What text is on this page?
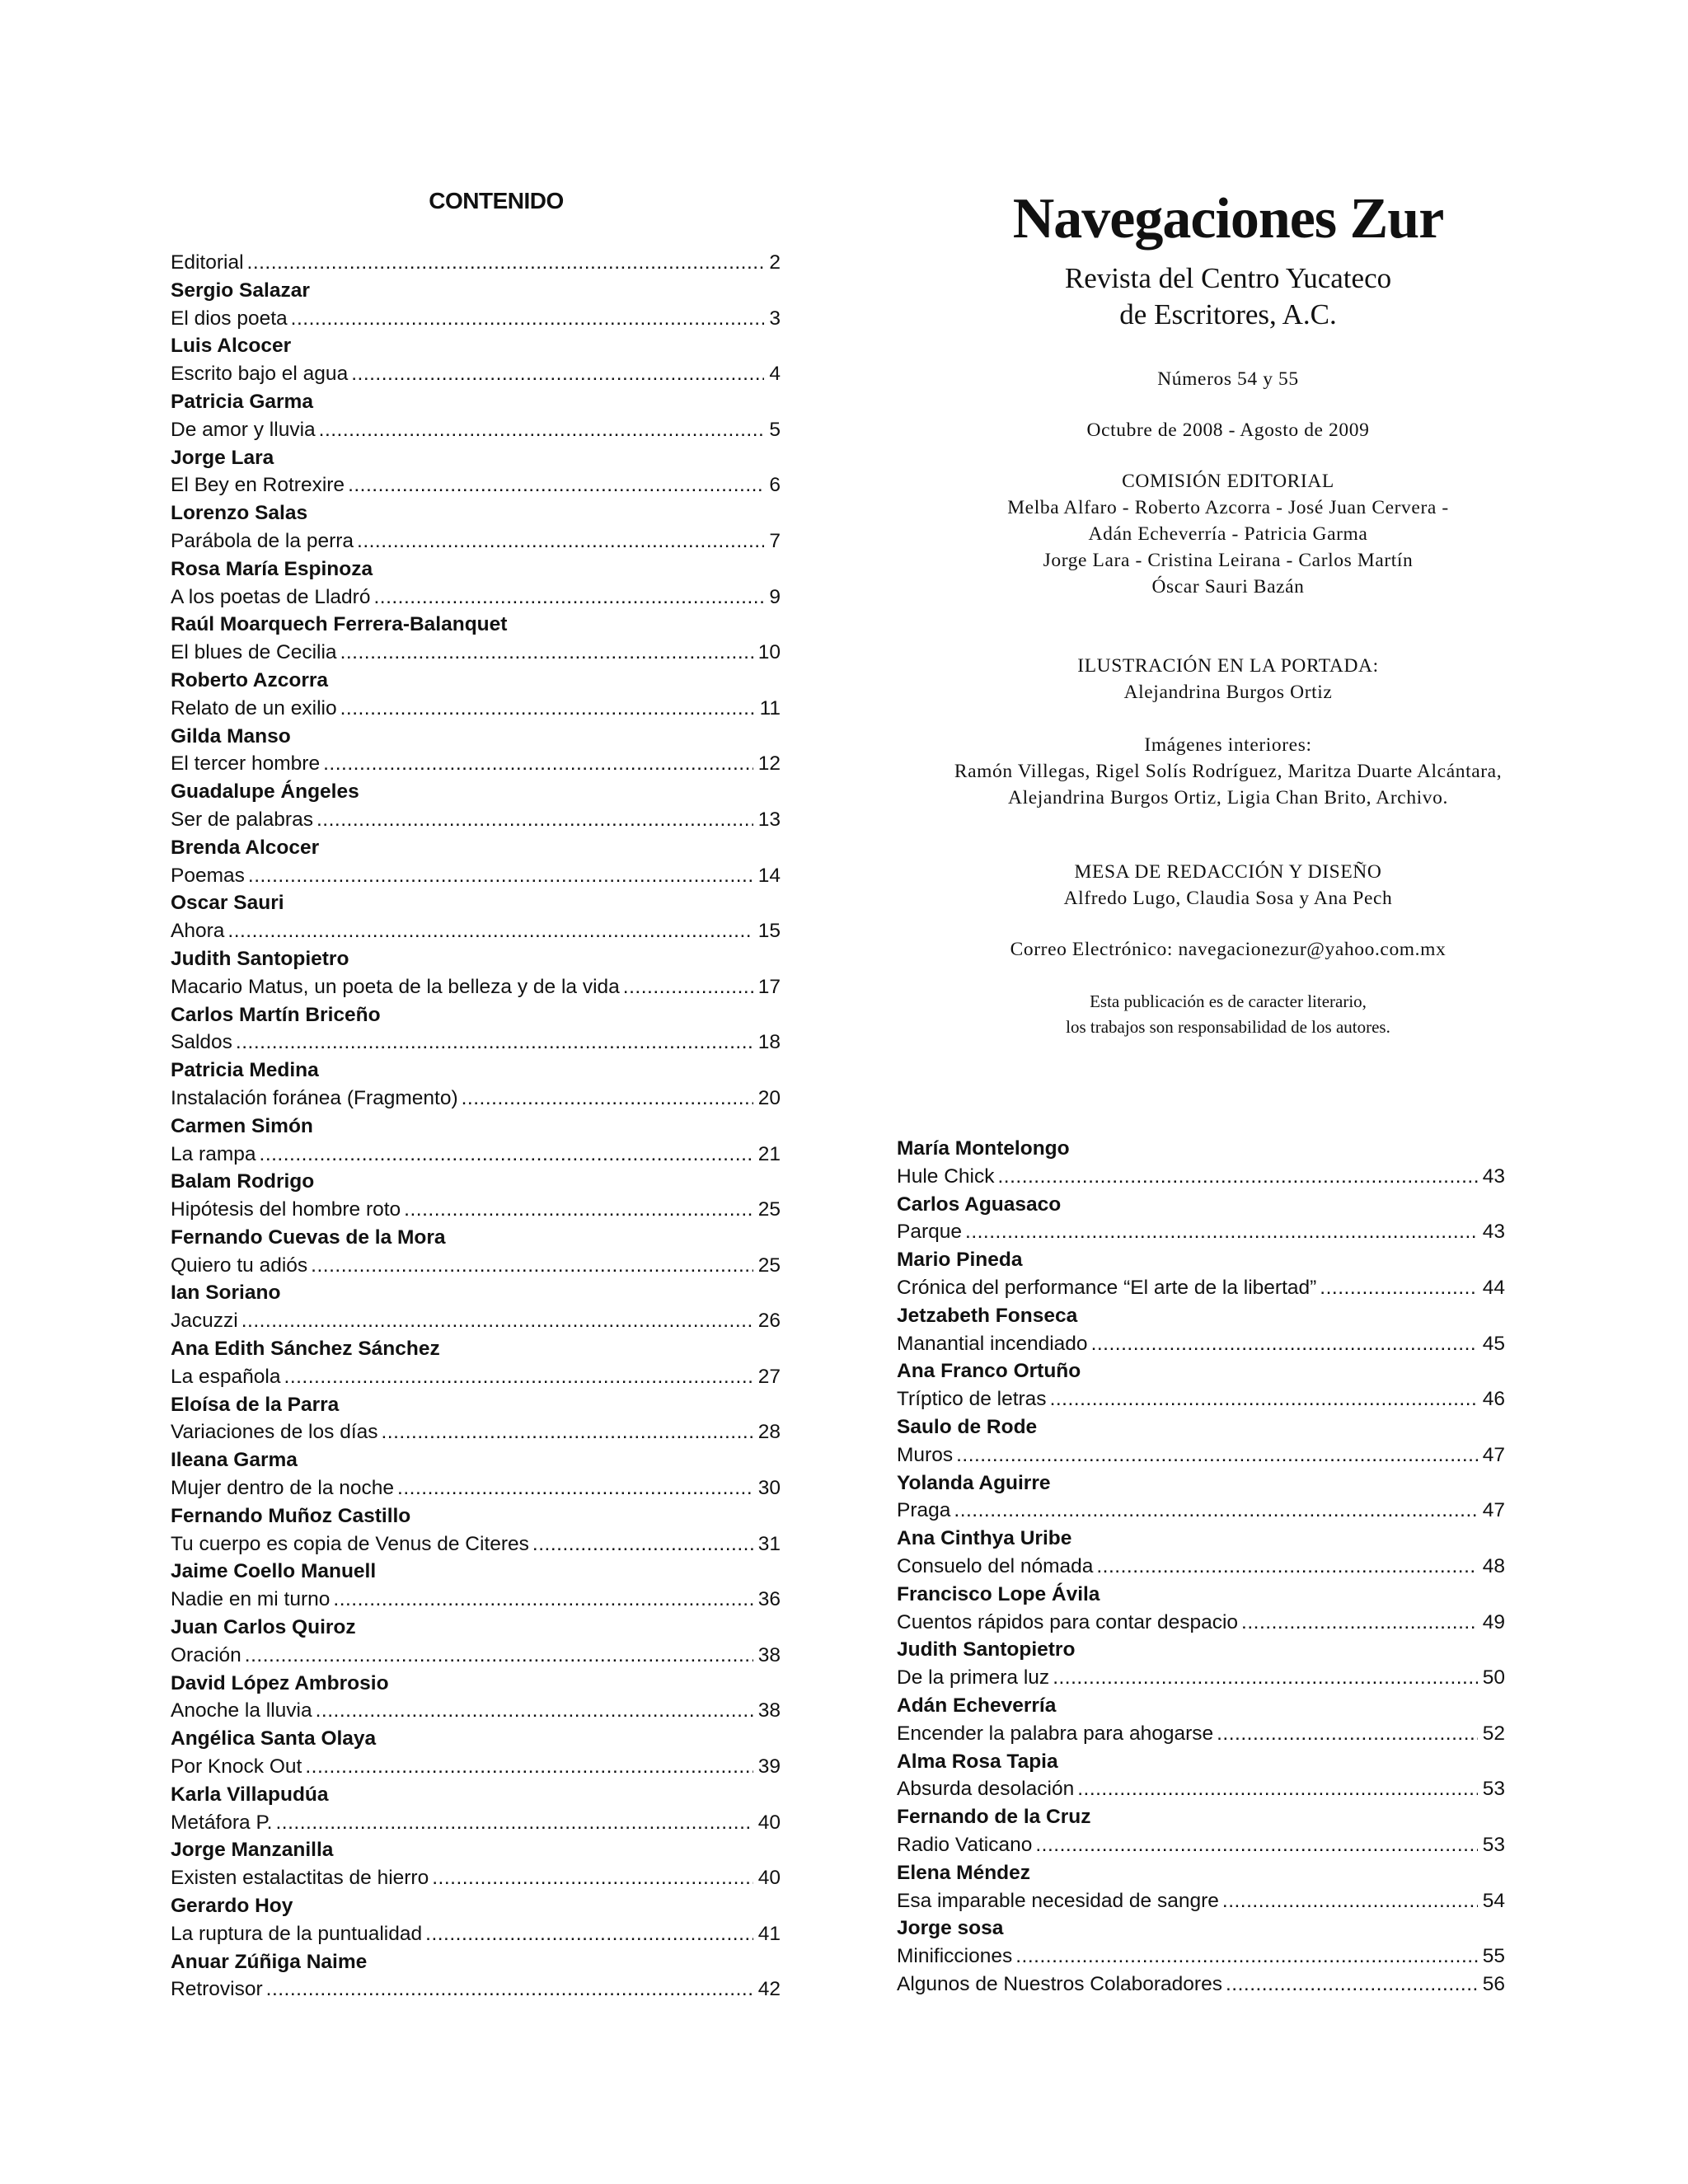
CONTENIDO
Editorial .....	2
Sergio Salazar
El dios poeta .....	3
Luis Alcocer
Escrito bajo el agua .....	4
Patricia Garma
De amor y lluvia .....	5
Jorge Lara
El Bey en Rotrexire .....	6
Lorenzo Salas
Parábola de la perra .....	7
Rosa María Espinoza
A los poetas de Lladró .....	9
Raúl Moarquech Ferrera-Balanquet
El blues de Cecilia .....	10
Roberto Azcorra
Relato de un exilio .....	11
Gilda Manso
El tercer hombre .....	12
Guadalupe Ángeles
Ser de palabras .....	13
Brenda Alcocer
Poemas .....	14
Oscar Sauri
Ahora .....	15
Judith Santopietro
Macario Matus, un poeta de la belleza y de la vida .....	17
Carlos Martín Briceño
Saldos .....	18
Patricia Medina
Instalación foránea (Fragmento) .....	20
Carmen Simón
La rampa .....	21
Balam Rodrigo
Hipótesis del hombre roto .....	25
Fernando Cuevas de la Mora
Quiero tu adiós .....	25
Ian Soriano
Jacuzzi .....	26
Ana Edith Sánchez Sánchez
La española .....	27
Eloísa de la Parra
Variaciones de los días .....	28
Ileana Garma
Mujer dentro de la noche .....	30
Fernando Muñoz Castillo
Tu cuerpo es copia de Venus de Citeres .....	31
Jaime Coello Manuell
Nadie en mi turno .....	36
Juan Carlos Quiroz
Oración .....	38
David López Ambrosio
Anoche la lluvia .....	38
Angélica Santa Olaya
Por Knock Out .....	39
Karla Villapudúa
Metáfora P. .....	40
Jorge Manzanilla
Existen estalactitas de hierro .....	40
Gerardo Hoy
La ruptura de la puntualidad .....	41
Anuar Zúñiga Naime
Retrovisor .....	42
Navegaciones Zur
Revista del Centro Yucateco
de Escritores, A.C.
Números 54 y 55
Octubre de 2008 - Agosto de 2009
COMISIÓN EDITORIAL
Melba Alfaro - Roberto Azcorra - José Juan Cervera -
Adán Echeverría - Patricia Garma
Jorge Lara - Cristina Leirana - Carlos Martín
Óscar Sauri Bazán
ILUSTRACIÓN EN LA PORTADA:
Alejandrina Burgos Ortiz
Imágenes interiores:
Ramón Villegas, Rigel Solís Rodríguez, Maritza Duarte Alcántara,
Alejandrina Burgos Ortiz, Ligia Chan Brito, Archivo.
MESA DE REDACCIÓN Y DISEÑO
Alfredo Lugo, Claudia Sosa y Ana Pech
Correo Electrónico: navegacionezur@yahoo.com.mx
Esta publicación es de caracter literario,
los trabajos son responsabilidad de los autores.
María Montelongo
Hule Chick .....	43
Carlos Aguasaco
Parque .....	43
Mario Pineda
Crónica del performance “El arte de la libertad” .....	44
Jetzabeth Fonseca
Manantial incendiado .....	45
Ana Franco Ortuño
Tríptico de letras .....	46
Saulo de Rode
Muros .....	47
Yolanda Aguirre
Praga .....	47
Ana Cinthya Uribe
Consuelo del nómada .....	48
Francisco Lope Ávila
Cuentos rápidos para contar despacio .....	49
Judith Santopietro
De la primera luz .....	50
Adán Echeverría
Encender la palabra para ahogarse .....	52
Alma Rosa Tapia
Absurda desolación .....	53
Fernando de la Cruz
Radio Vaticano .....	53
Elena Méndez
Esa imparable necesidad de sangre .....	54
Jorge sosa
Minificciones .....	55
Algunos de Nuestros Colaboradores .....	56
